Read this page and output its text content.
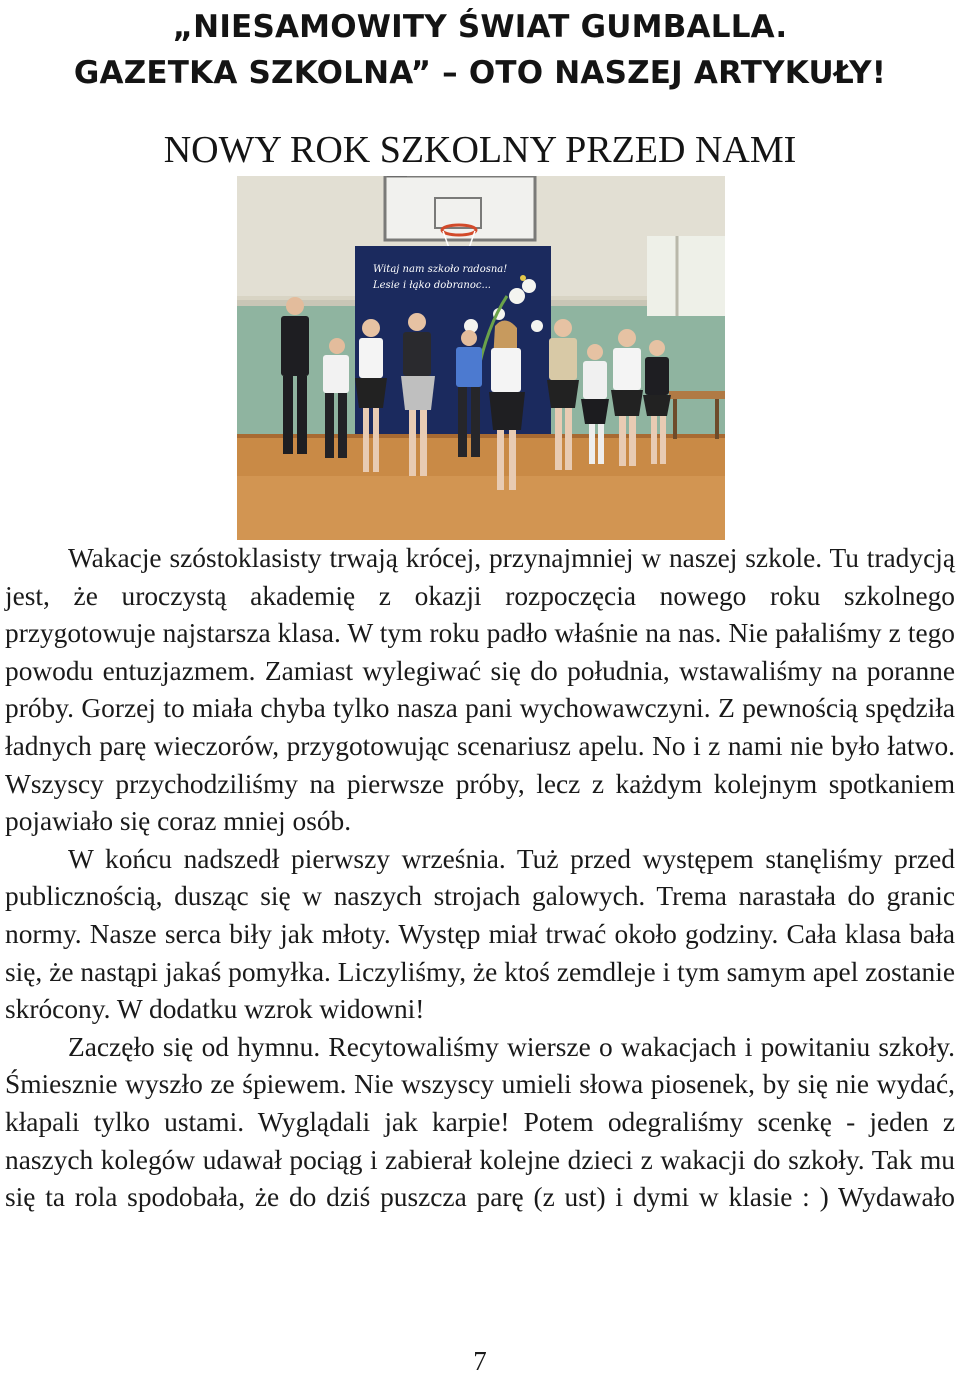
„NIESAMOWITY ŚWIAT GUMBALLA.
GAZETKA SZKOLNA” – OTO NASZEJ ARTYKUŁY!
NOWY ROK SZKOLNY PRZED NAMI
Witaj nam szkoło radosna!
Lesie i łąko dobranoc...

Wakacje szóstoklasisty trwają krócej, przynajmniej w naszej szkole. Tu tradycją jest, że uroczystą akademię z okazji rozpoczęcia nowego roku szkolnego przygotowuje najstarsza klasa. W tym roku padło właśnie na nas. Nie pałaliśmy z tego powodu entuzjazmem. Zamiast wylegiwać się do południa, wstawaliśmy na poranne próby. Gorzej to miała chyba tylko nasza pani wychowawczyni. Z pewnością spędziła ładnych parę wieczorów, przygotowując scenariusz apelu. No i z nami nie było łatwo. Wszyscy przychodziliśmy na pierwsze próby, lecz z każdym kolejnym spotkaniem pojawiało się coraz mniej osób.

W końcu nadszedł pierwszy września. Tuż przed występem stanęliśmy przed publicznością, dusząc się w naszych strojach galowych. Trema narastała do granic normy. Nasze serca biły jak młoty. Występ miał trwać około godziny. Cała klasa bała się, że nastąpi jakaś pomyłka. Liczyliśmy, że ktoś zemdleje i tym samym apel zostanie skrócony. W dodatku wzrok widowni!

Zaczęło się od hymnu. Recytowaliśmy wiersze o wakacjach i powitaniu szkoły. Śmiesznie wyszło ze śpiewem. Nie wszyscy umieli słowa piosenek, by się nie wydać, kłapali tylko ustami. Wyglądali jak karpie! Potem odegraliśmy scenkę - jeden z naszych kolegów udawał pociąg i zabierał kolejne dzieci z wakacji do szkoły. Tak mu się ta rola spodobała, że do dziś puszcza parę (z ust) i dymi w klasie : ) Wydawało

7
